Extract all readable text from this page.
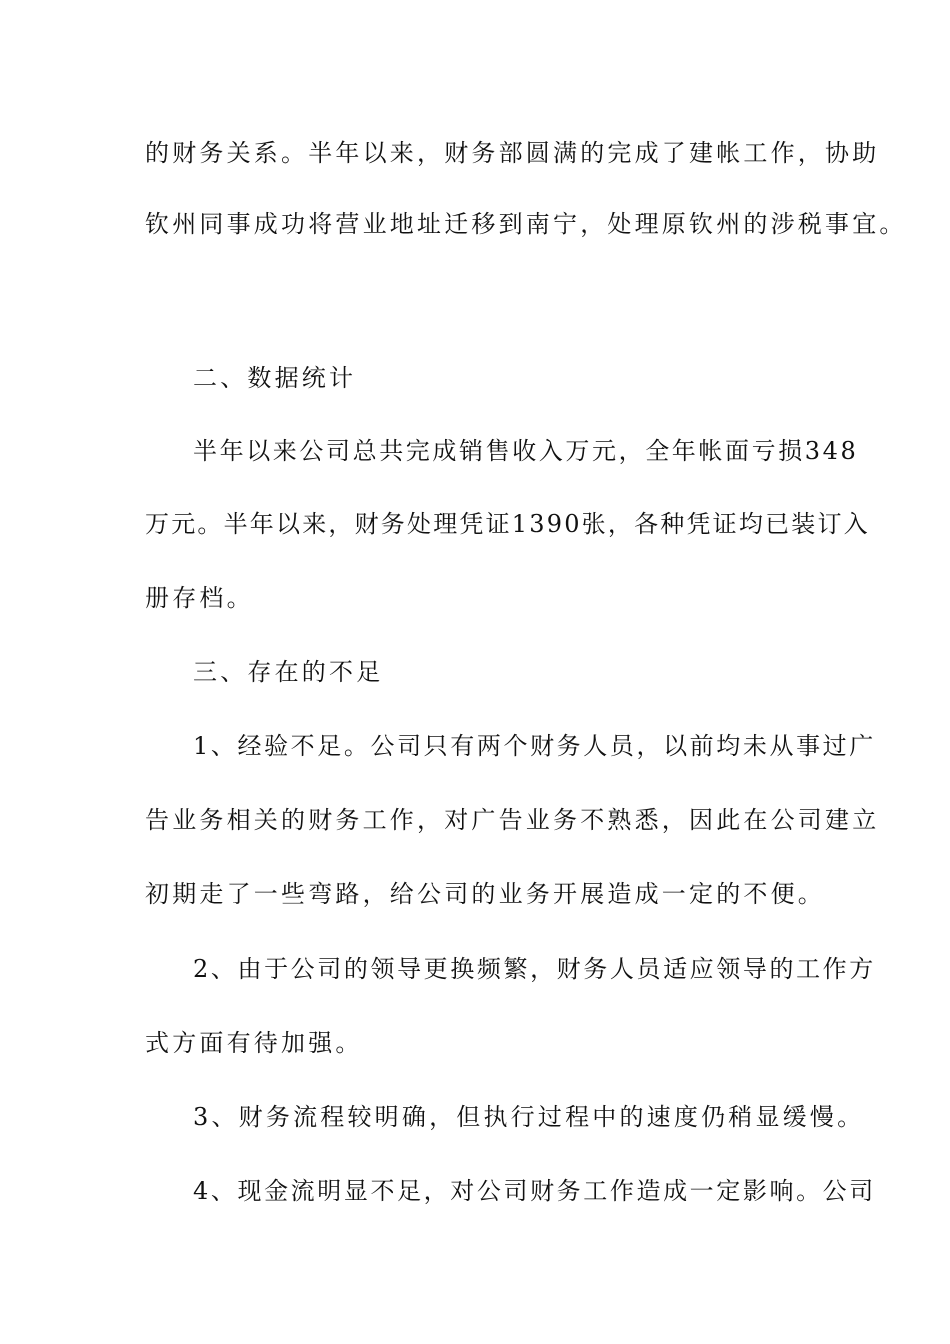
的财务关系。半年以来，财务部圆满的完成了建帐工作，协助
钦州同事成功将营业地址迁移到南宁，处理原钦州的涉税事宜。
二、数据统计
半年以来公司总共完成销售收入万元，全年帐面亏损348
万元。半年以来，财务处理凭证1390张，各种凭证均已装订入
册存档。
三、存在的不足
1、经验不足。公司只有两个财务人员，以前均未从事过广
告业务相关的财务工作，对广告业务不熟悉，因此在公司建立
初期走了一些弯路，给公司的业务开展造成一定的不便。
2、由于公司的领导更换频繁，财务人员适应领导的工作方
式方面有待加强。
3、财务流程较明确，但执行过程中的速度仍稍显缓慢。
4、现金流明显不足，对公司财务工作造成一定影响。公司
